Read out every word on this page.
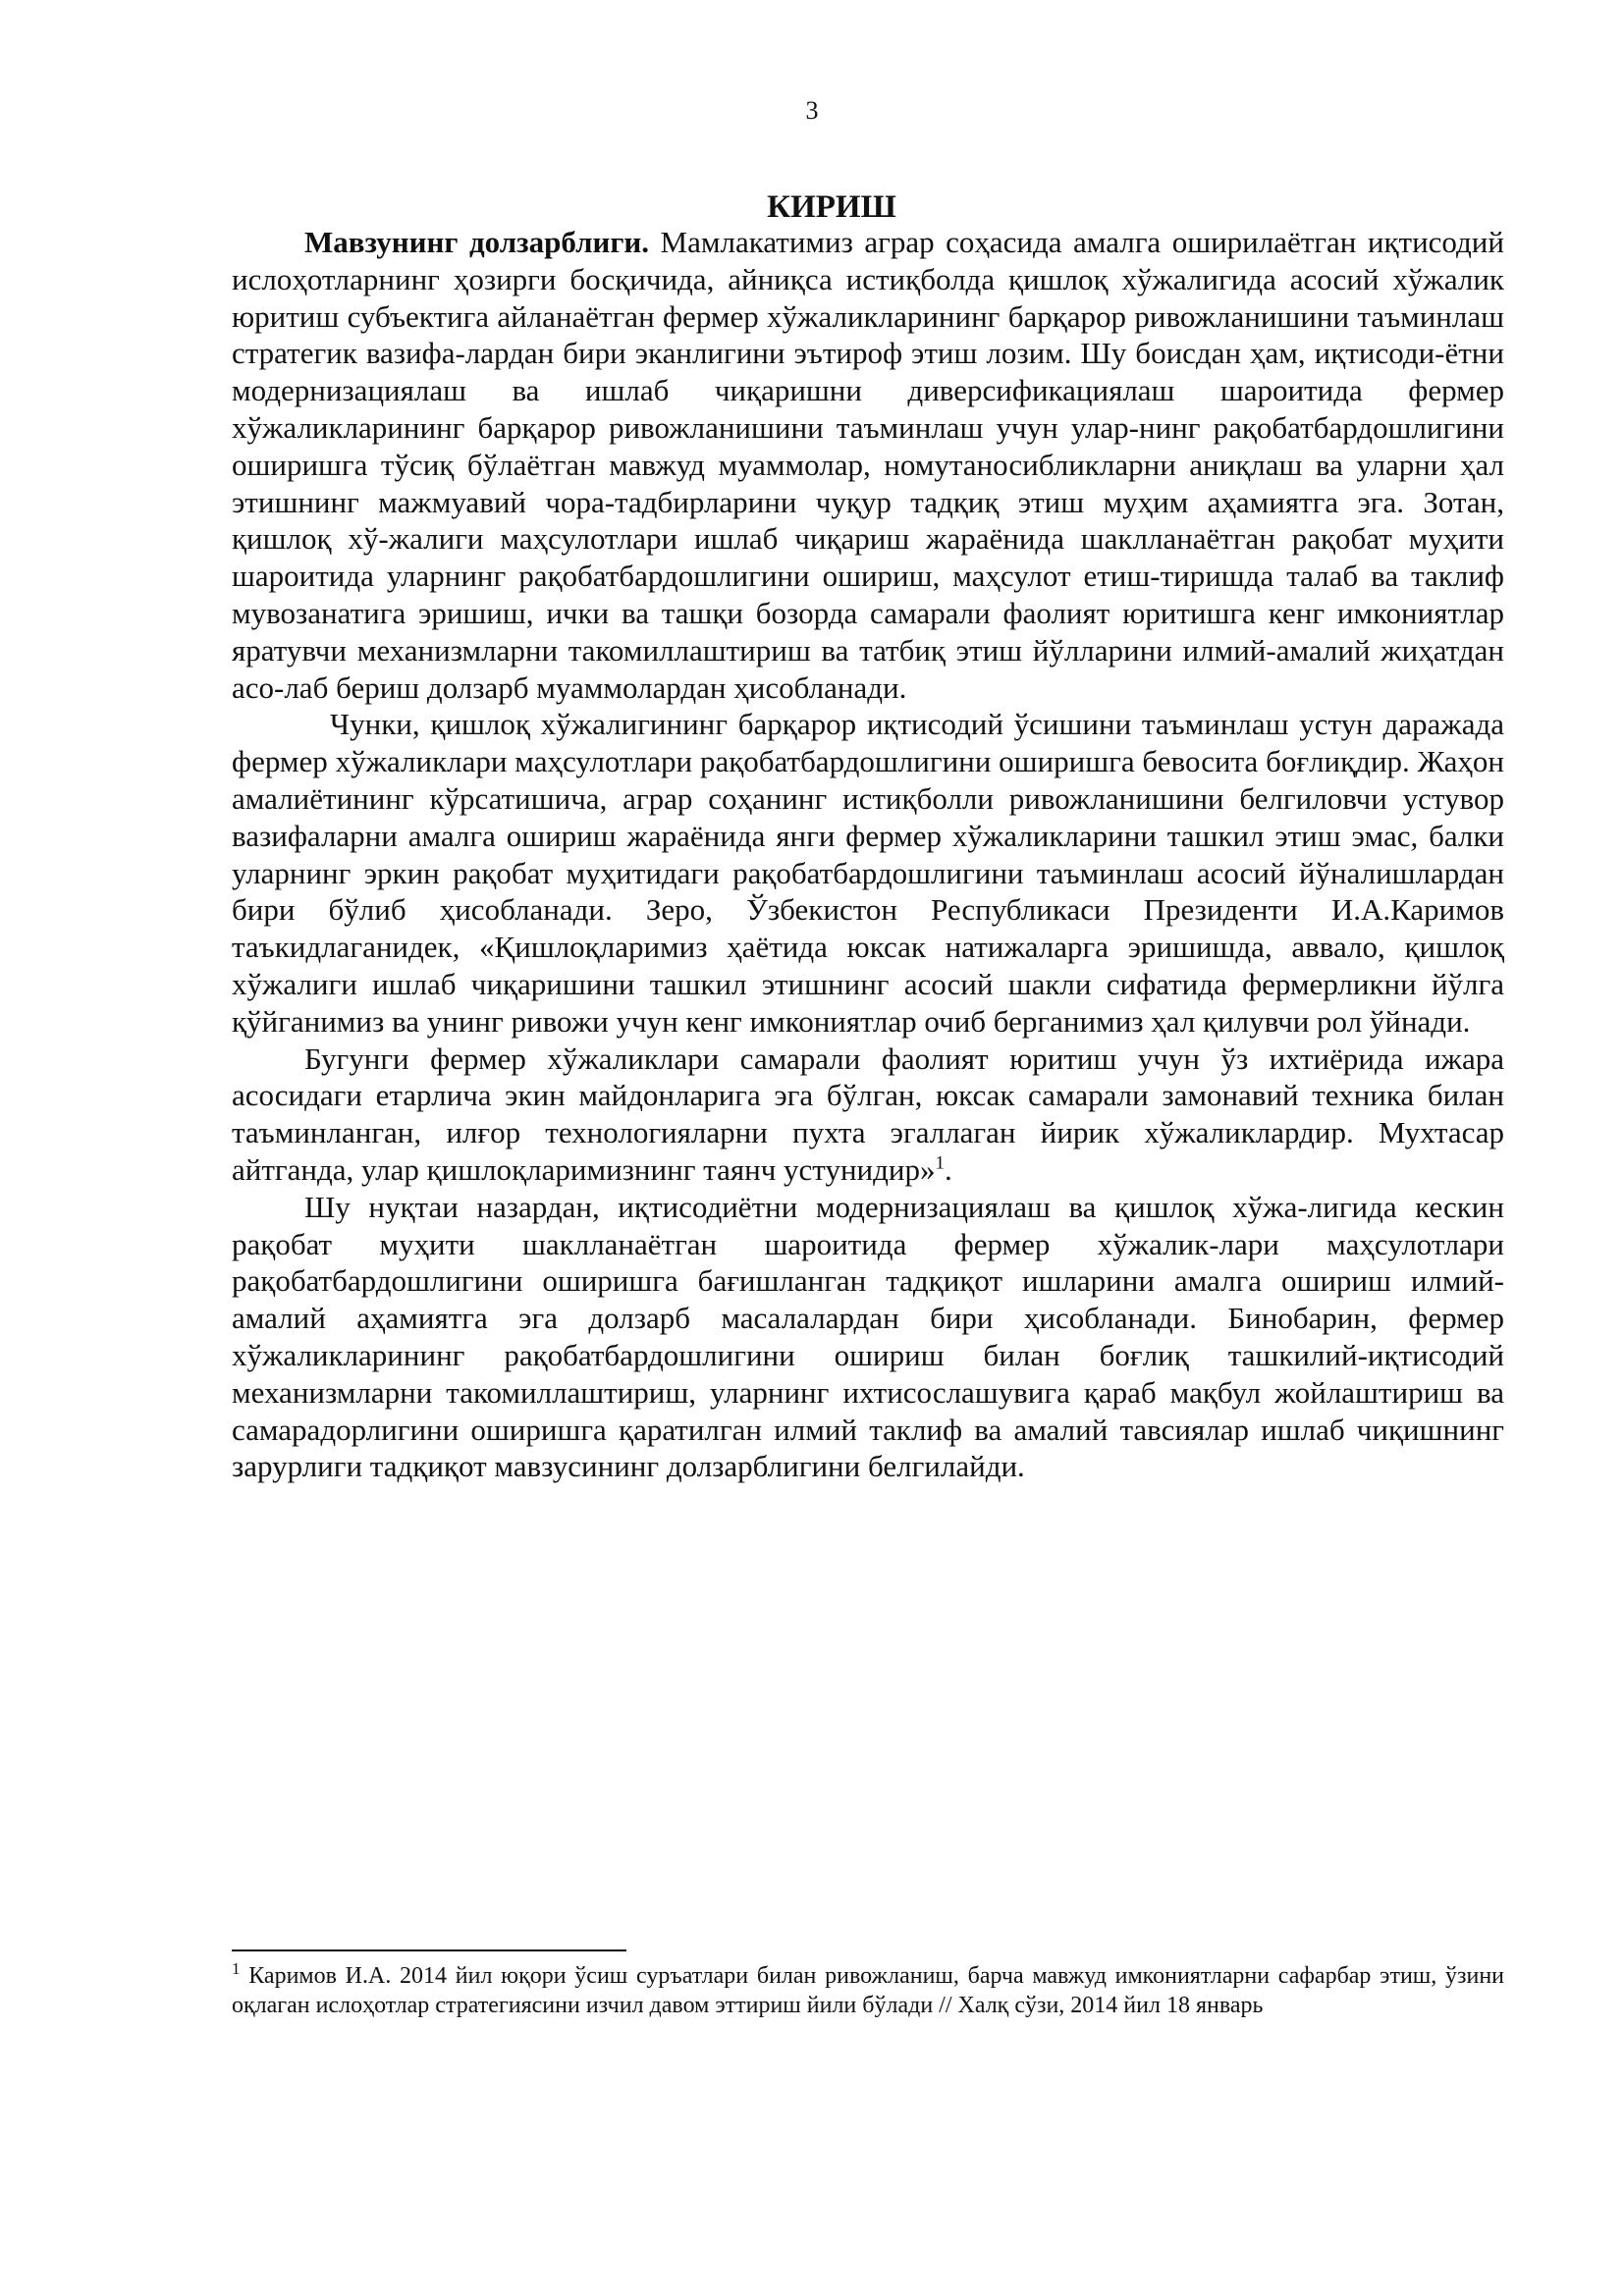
3
КИРИШ

Мавзунинг долзарблиги. Мамлакатимиз аграр соҳасида амалга оширилаётган иқтисодий ислоҳотларнинг ҳозирги босқичида, айниқса истиқболда қишлоқ хўжалигида асосий хўжалик юритиш субъектига айланаётган фермер хўжаликларининг барқарор ривожланишини таъминлаш стратегик вазифа-лардан бири эканлигини эътироф этиш лозим. Шу боисдан ҳам, иқтисоди-ётни модернизациялаш ва ишлаб чиқаришни диверсификациялаш шароитида фермер хўжаликларининг барқарор ривожланишини таъминлаш учун улар-нинг рақобатбардошлигини оширишга тўсиқ бўлаётган мавжуд муаммолар, номутаносибликларни аниқлаш ва уларни ҳал этишнинг мажмуавий чора-тадбирларини чуқур тадқиқ этиш муҳим аҳамиятга эга. Зотан, қишлоқ хў-жалиги маҳсулотлари ишлаб чиқариш жараёнида шаклланаётган рақобат муҳити шароитида уларнинг рақобатбардошлигини ошириш, маҳсулот етиш-тиришда талаб ва таклиф мувозанатига эришиш, ички ва ташқи бозорда самарали фаолият юритишга кенг имкониятлар яратувчи механизмларни такомиллаштириш ва татбиқ этиш йўлларини илмий-амалий жиҳатдан асо-лаб бериш долзарб муаммолардан ҳисобланади.

Чунки, қишлоқ хўжалигининг барқарор иқтисодий ўсишини таъминлаш устун даражада фермер хўжаликлари маҳсулотлари рақобатбардошлигини оширишга бевосита боғлиқдир. Жаҳон амалиётининг кўрсатишича, аграр соҳанинг истиқболли ривожланишини белгиловчи устувор вазифаларни амалга ошириш жараёнида янги фермер хўжаликларини ташкил этиш эмас, балки уларнинг эркин рақобат муҳитидаги рақобатбардошлигини таъминлаш асосий йўналишлардан бири бўлиб ҳисобланади. Зеро, Ўзбекистон Республикаси Президенти И.А.Каримов таъкидлаганидек, «Қишлоқларимиз ҳаётида юксак натижаларга эришишда, аввало, қишлоқ хўжалиги ишлаб чиқаришини ташкил этишнинг асосий шакли сифатида фермерликни йўлга қўйганимиз ва унинг ривожи учун кенг имкониятлар очиб берганимиз ҳал қилувчи рол ўйнади.

Бугунги фермер хўжаликлари самарали фаолият юритиш учун ўз ихтиёрида ижара асосидаги етарлича экин майдонларига эга бўлган, юксак самарали замонавий техника билан таъминланган, илғор технологияларни пухта эгаллаган йирик хўжаликлардир. Мухтасар айтганда, улар қишлоқларимизнинг таянч устунидир»$^1$.

Шу нуқтаи назардан, иқтисодиётни модернизациялаш ва қишлоқ хўжа-лигида кескин рақобат муҳити шаклланаётган шароитида фермер хўжалик-лари маҳсулотлари рақобатбардошлигини оширишга бағишланган тадқиқот ишларини амалга ошириш илмий-амалий аҳамиятга эга долзарб масалалардан бири ҳисобланади. Бинобарин, фермер хўжаликларининг рақобатбардошлигини ошириш билан боғлиқ ташкилий-иқтисодий механизмларни такомиллаштириш, уларнинг ихтисослашувига қараб мақбул жойлаштириш ва самарадорлигини оширишга қаратилган илмий таклиф ва амалий тавсиялар ишлаб чиқишнинг зарурлиги тадқиқот мавзусининг долзарблигини белгилайди.

$^1$ Каримов И.А. 2014 йил юқори ўсиш суръатлари билан ривожланиш, барча мавжуд имкониятларни сафарбар этиш, ўзини оқлаган ислоҳотлар стратегиясини изчил давом эттириш йили бўлади // Халқ сўзи, 2014 йил 18 январь
